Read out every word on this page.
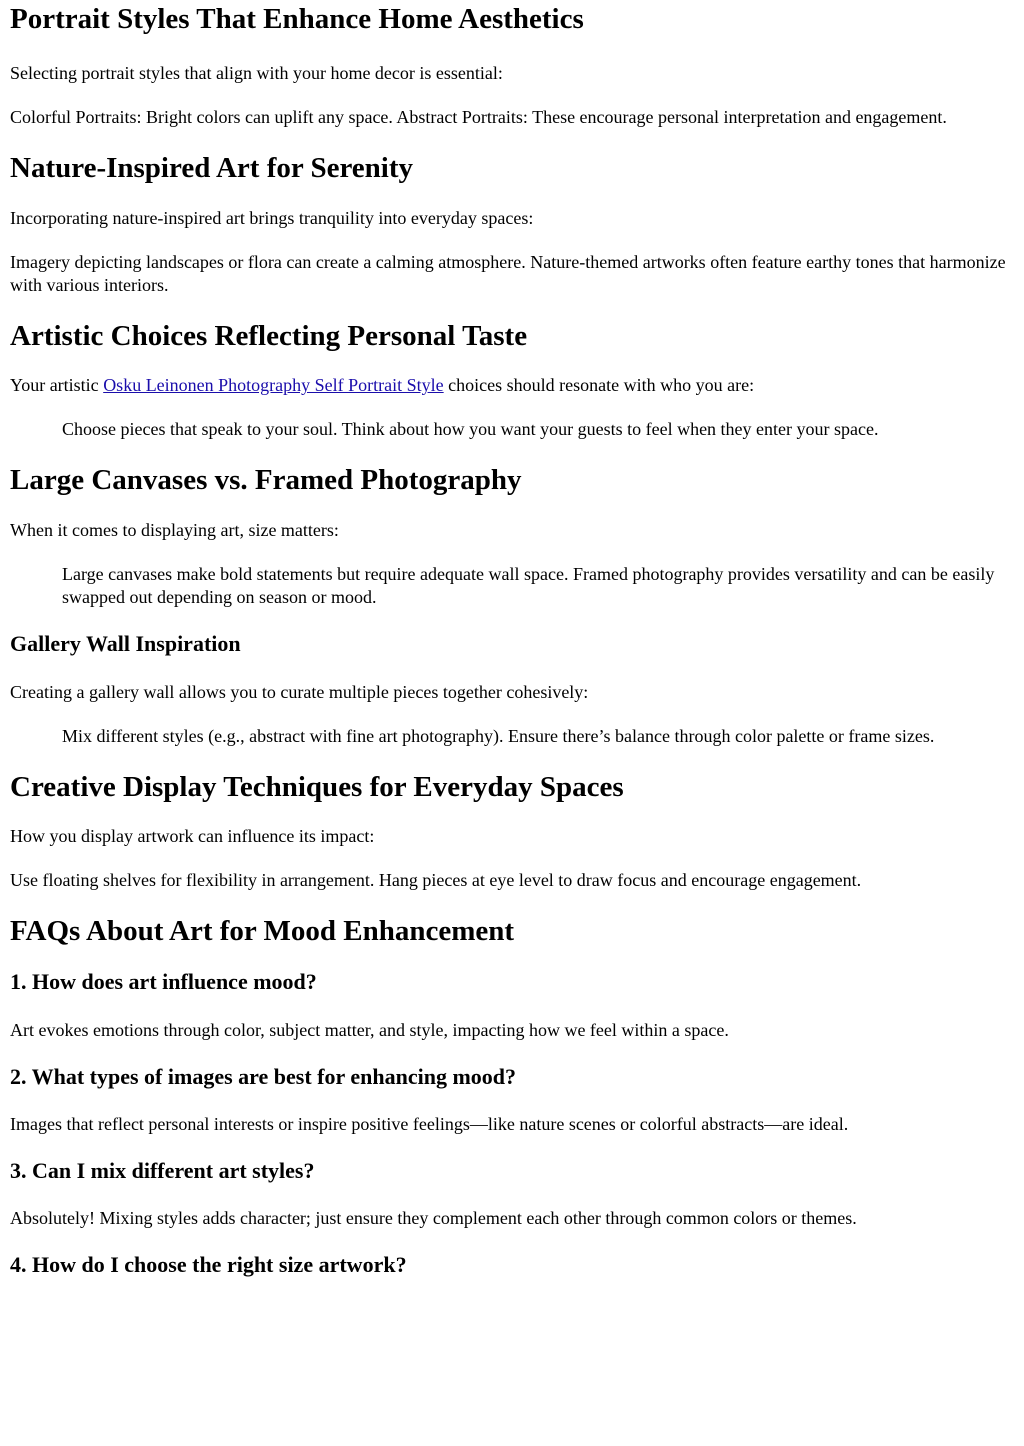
Portrait Styles That Enhance Home Aesthetics

Selecting portrait styles that align with your home decor is essential:

Colorful Portraits: Bright colors can uplift any space. Abstract Portraits: These encourage personal interpretation and engagement.

Nature-Inspired Art for Serenity

Incorporating nature-inspired art brings tranquility into everyday spaces:

Imagery depicting landscapes or flora can create a calming atmosphere. Nature-themed artworks often feature earthy tones that harmonize with various interiors.

Artistic Choices Reflecting Personal Taste

Your artistic Osku Leinonen Photography Self Portrait Style choices should resonate with who you are:

Choose pieces that speak to your soul. Think about how you want your guests to feel when they enter your space.

Large Canvases vs. Framed Photography

When it comes to displaying art, size matters:

Large canvases make bold statements but require adequate wall space. Framed photography provides versatility and can be easily swapped out depending on season or mood.

Gallery Wall Inspiration

Creating a gallery wall allows you to curate multiple pieces together cohesively:

Mix different styles (e.g., abstract with fine art photography). Ensure there’s balance through color palette or frame sizes.

Creative Display Techniques for Everyday Spaces

How you display artwork can influence its impact:

Use floating shelves for flexibility in arrangement. Hang pieces at eye level to draw focus and encourage engagement.

FAQs About Art for Mood Enhancement
1. How does art influence mood?

Art evokes emotions through color, subject matter, and style, impacting how we feel within a space.

2. What types of images are best for enhancing mood?

Images that reflect personal interests or inspire positive feelings—like nature scenes or colorful abstracts—are ideal.

3. Can I mix different art styles?

Absolutely! Mixing styles adds character; just ensure they complement each other through common colors or themes.

4. How do I choose the right size artwork?
